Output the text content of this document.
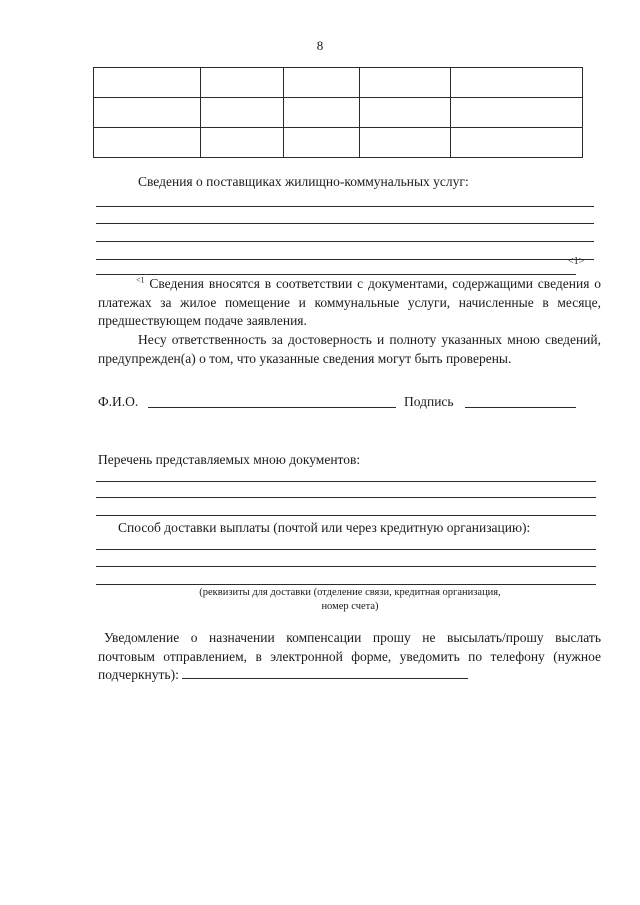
8

Сведения о поставщиках жилищно-коммунальных услуг:
<1>
$^{<1}$ Сведения вносятся в соответствии с документами, содержащими сведения о платежах за жилое помещение и коммунальные услуги, начисленные в месяце, предшествующем подаче заявления.
Несу ответственность за достоверность и полноту указанных мною сведений, предупрежден(а) о том, что указанные сведения могут быть проверены.
Ф.И.О.	Подпись
Перечень представляемых мною документов:
Способ доставки выплаты (почтой или через кредитную организацию):
(реквизиты для доставки (отделение связи, кредитная организация,
номер счета)
Уведомление о назначении компенсации прошу не высылать/прошу выслать почтовым отправлением, в электронной форме, уведомить по телефону (нужное подчеркнуть):
